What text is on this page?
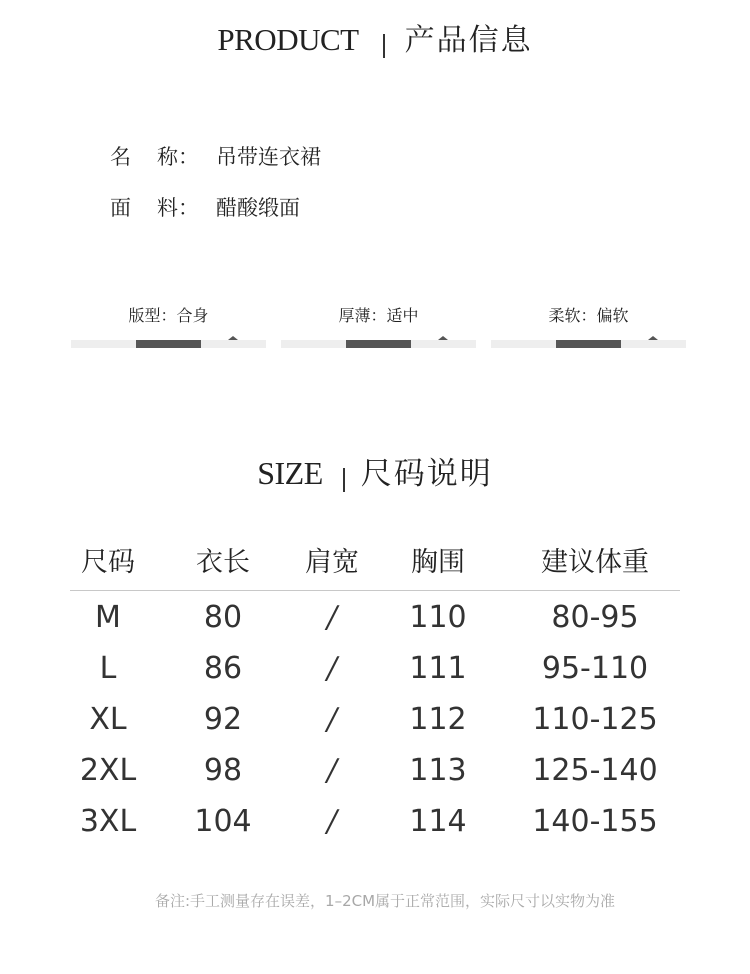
PRODUCT 产品信息
名 称： 吊带连衣裙
面 料： 醋酸缎面
版型：合身	厚薄：适中	柔软：偏软
SIZE 尺码说明
尺码	衣长	肩宽	胸围	建议体重
M	80	/	110	80-95
L	86	/	111	95-110
XL	92	/	112	110-125
2XL	98	/	113	125-140
3XL	104	/	114	140-155
备注:手工测量存在误差，1–2CM属于正常范围，实际尺寸以实物为准
